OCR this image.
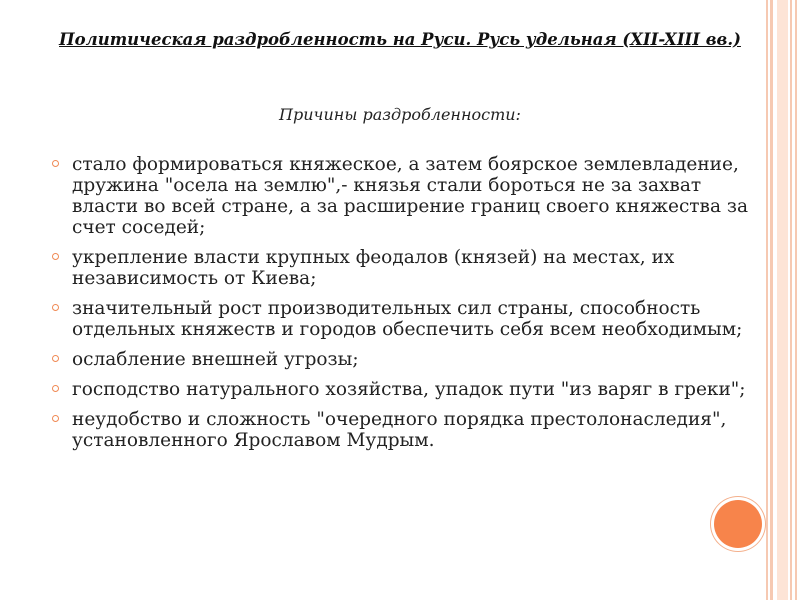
Политическая раздробленность на Руси. Русь удельная (XII-XIII вв.)

Причины раздробленности:

стало формироваться княжеское, а затем боярское землевладение, дружина "осела на землю",- князья стали бороться не за захват власти во всей стране, а за расширение границ своего княжества за счет соседей;
укрепление власти крупных феодалов (князей) на местах, их независимость от Киева;
значительный рост производительных сил страны, способность отдельных княжеств и городов обеспечить себя всем необходимым;
ослабление внешней угрозы;
господство натурального хозяйства, упадок пути "из варяг в греки";
неудобство и сложность "очередного порядка престолонаследия", установленного Ярославом Мудрым.
